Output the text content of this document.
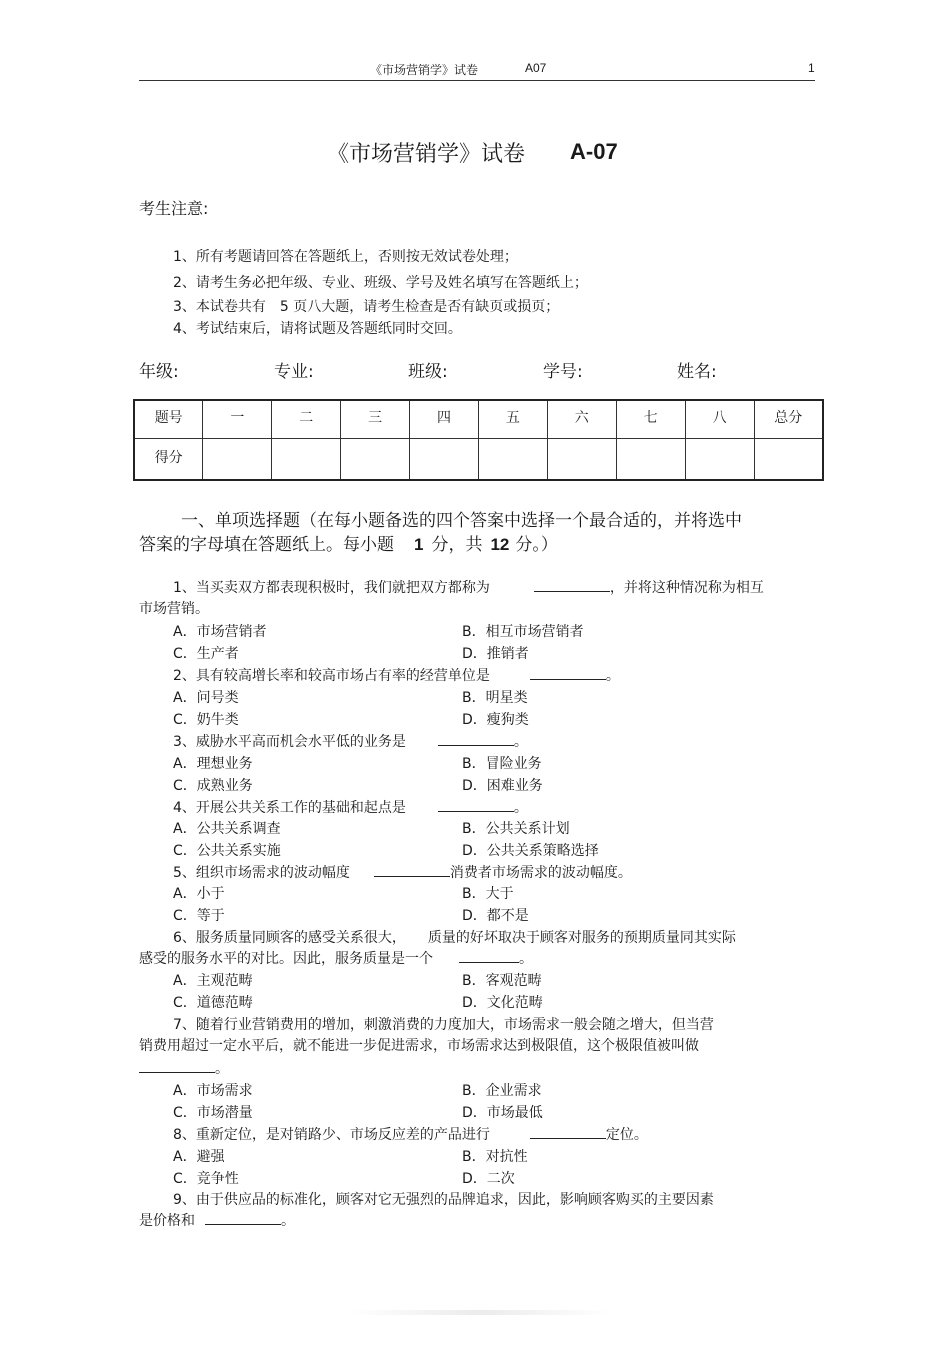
《市场营销学》试卷	A07	1
《市场营销学》试卷 A-07
考生注意:
1、所有考题请回答在答题纸上，否则按无效试卷处理；
2、请考生务必把年级、专业、班级、学号及姓名填写在答题纸上；
3、本试卷共有 5 页八大题，请考生检查是否有缺页或损页；
4、考试结束后，请将试题及答题纸同时交回。
年级:	专业:	班级:	学号:	姓名:
题号	一	二	三	四	五	六	七	八	总分
得分									
一、单项选择题（在每小题备选的四个答案中选择一个最合适的，并将选中
答案的字母填在答题纸上。每小题 1 分，共 12 分。）
1、当买卖双方都表现积极时，我们就把双方都称为	，并将这种情况称为相互
市场营销。
A．市场营销者	B．相互市场营销者
C．生产者	D．推销者
2、具有较高增长率和较高市场占有率的经营单位是	。
A．问号类	B．明星类
C．奶牛类	D．瘦狗类
3、威胁水平高而机会水平低的业务是	。
A．理想业务	B．冒险业务
C．成熟业务	D．困难业务
4、开展公共关系工作的基础和起点是	。
A．公共关系调查	B．公共关系计划
C．公共关系实施	D．公共关系策略选择
5、组织市场需求的波动幅度	消费者市场需求的波动幅度。
A．小于	B．大于
C．等于	D．都不是
6、服务质量同顾客的感受关系很大， 质量的好坏取决于顾客对服务的预期质量同其实际
感受的服务水平的对比。因此，服务质量是一个	。
A．主观范畴	B．客观范畴
C．道德范畴	D．文化范畴
7、随着行业营销费用的增加，刺激消费的力度加大，市场需求一般会随之增大，但当营
销费用超过一定水平后，就不能进一步促进需求，市场需求达到极限值，这个极限值被叫做
。
A．市场需求	B．企业需求
C．市场潜量	D．市场最低
8、重新定位，是对销路少、市场反应差的产品进行	定位。
A．避强	B．对抗性
C．竞争性	D．二次
9、由于供应品的标准化，顾客对它无强烈的品牌追求，因此，影响顾客购买的主要因素
是价格和	。
